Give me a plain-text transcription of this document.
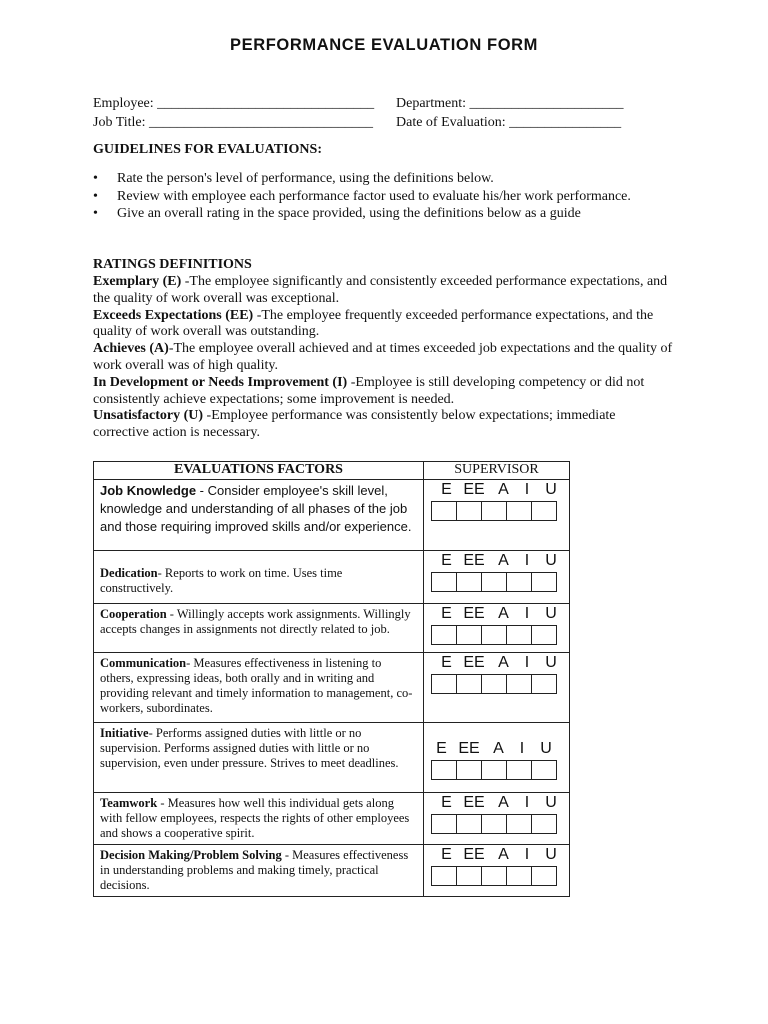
PERFORMANCE EVALUATION FORM
Employee: _______________________________ Department: ______________________
Job Title: ________________________________ Date of Evaluation: ________________
GUIDELINES FOR EVALUATIONS:
• Rate the person's level of performance, using the definitions below.
• Review with employee each performance factor used to evaluate his/her work performance.
• Give an overall rating in the space provided, using the definitions below as a guide
RATINGS DEFINITIONS

Exemplary (E) -The employee significantly and consistently exceeded performance expectations, and the quality of work overall was exceptional.

Exceeds Expectations (EE) -The employee frequently exceeded performance expectations, and the quality of work overall was outstanding.

Achieves (A)-The employee overall achieved and at times exceeded job expectations and the quality of work overall was of high quality.

In Development or Needs Improvement (I) -Employee is still developing competency or did not consistently achieve expectations; some improvement is needed.

Unsatisfactory (U) -Employee performance was consistently below expectations; immediate corrective action is necessary.

EVALUATIONS FACTORS	SUPERVISOR

Job Knowledge - Consider employee's skill level, knowledge and understanding of all phases of the job and those requiring improved skills and/or experience.	E EE A I U

Dedication- Reports to work on time. Uses time constructively.	E EE A I U

Cooperation - Willingly accepts work assignments. Willingly accepts changes in assignments not directly related to job.	E EE A I U

Communication- Measures effectiveness in listening to others, expressing ideas, both orally and in writing and providing relevant and timely information to management, co-workers, subordinates.	E EE A I U

Initiative- Performs assigned duties with little or no supervision. Performs assigned duties with little or no supervision, even under pressure. Strives to meet deadlines.	E EE A I U

Teamwork - Measures how well this individual gets along with fellow employees, respects the rights of other employees and shows a cooperative spirit.	E EE A I U

Decision Making/Problem Solving - Measures effectiveness in understanding problems and making timely, practical decisions.	E EE A I U
